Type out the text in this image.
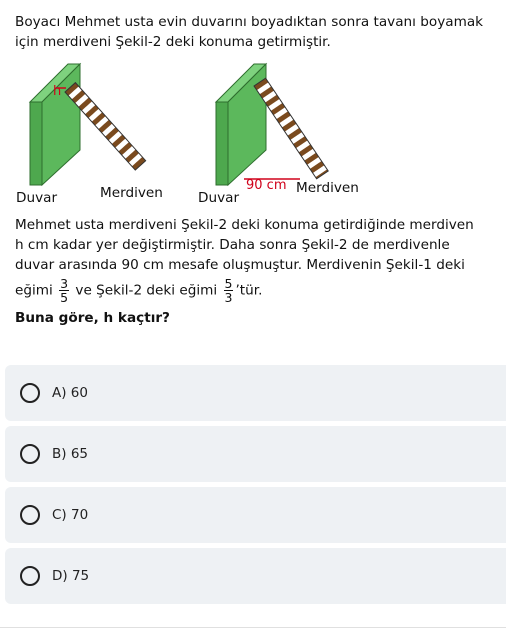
Boyacı Mehmet usta evin duvarını boyadıktan sonra tavanı boyamak
için merdiveni Şekil-2 deki konuma getirmiştir.
h
Duvar	Merdiven	90 cm
Duvar
Merdiven
Mehmet usta merdiveni Şekil-2 deki konuma getirdiğinde merdiven
h cm kadar yer değiştirmiştir. Daha sonra Şekil-2 de merdivenle
duvar arasında 90 cm mesafe oluşmuştur. Merdivenin Şekil-1 deki
eğimi $\frac{3}{5}$ ve Şekil-2 deki eğimi $\frac{5}{3}$ ’tür.
Buna göre, h kaçtır?
A) 60
B) 65
C) 70
D) 75
